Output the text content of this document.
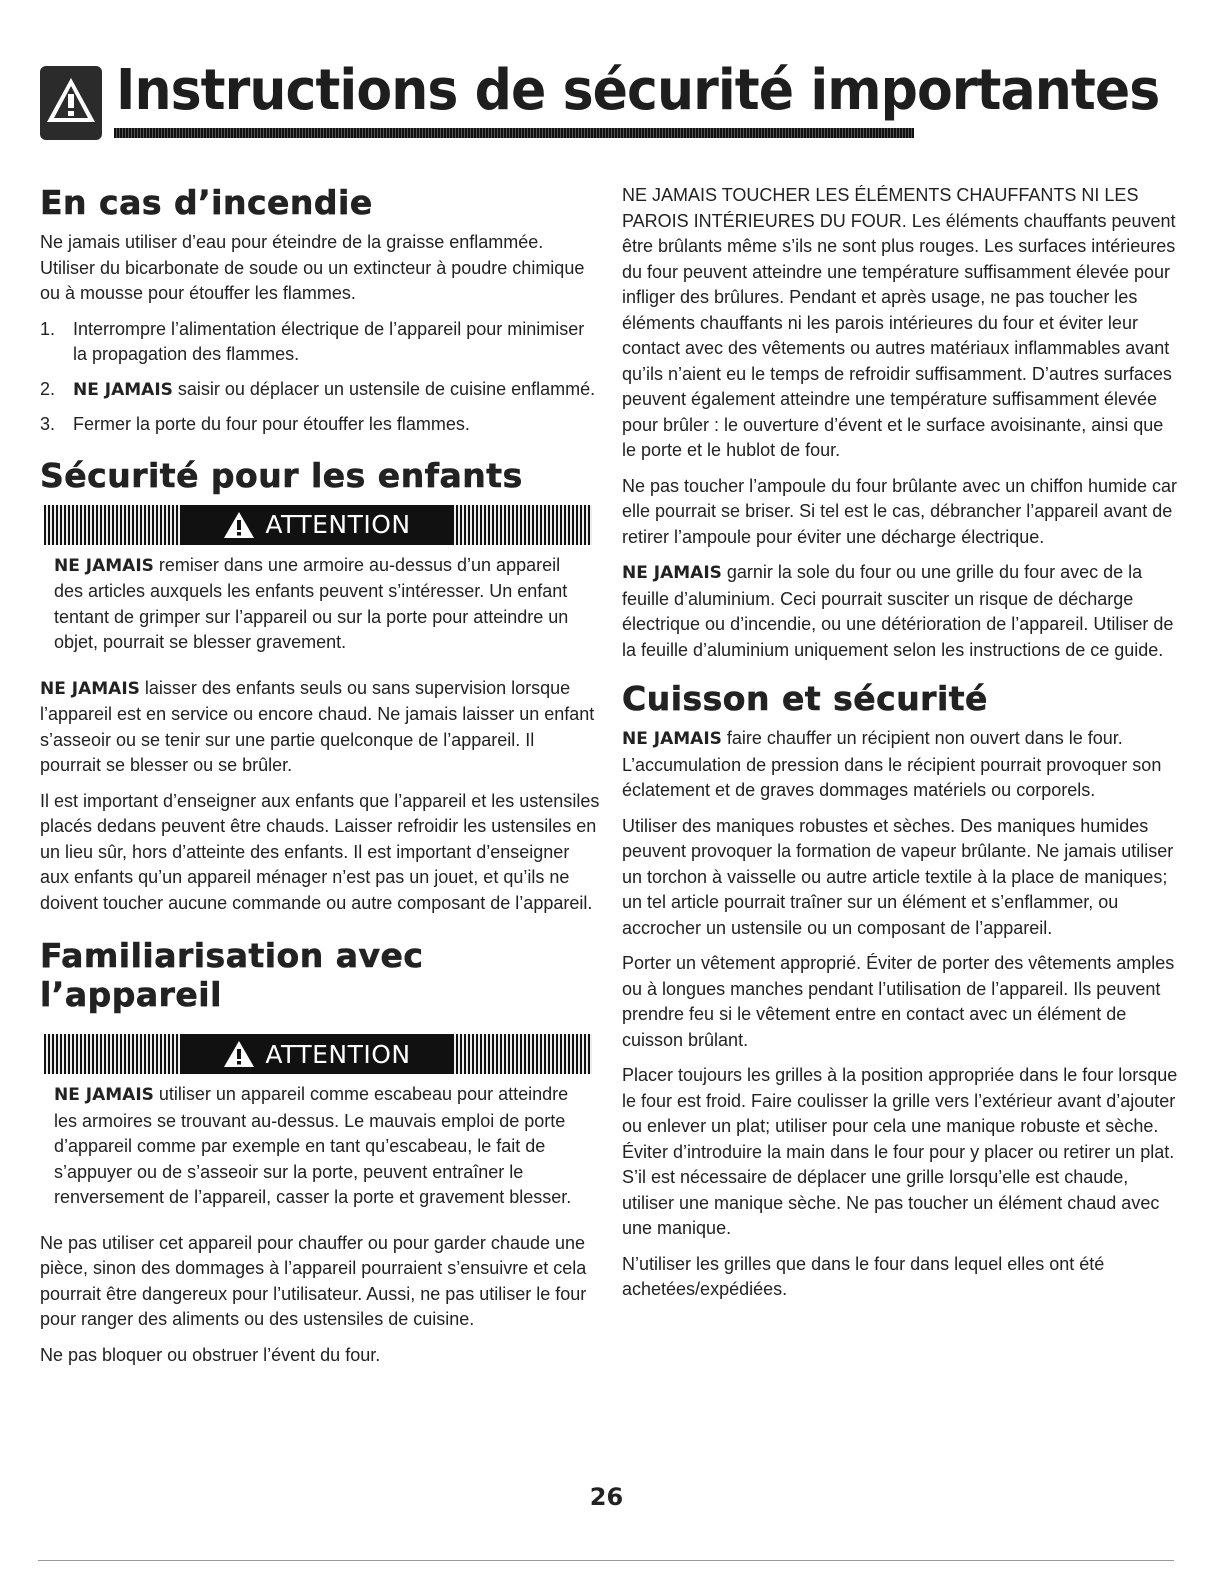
Instructions de sécurité importantes
En cas d’incendie

Ne jamais utiliser d’eau pour éteindre de la graisse enflammée. Utiliser du bicarbonate de soude ou un extincteur à poudre chimique ou à mousse pour étouffer les flammes.

1. Interrompre l’alimentation électrique de l’appareil pour minimiser la propagation des flammes.
2. NE JAMAIS saisir ou déplacer un ustensile de cuisine enflammé.
3. Fermer la porte du four pour étouffer les flammes.
Sécurité pour les enfants
ATTENTION
NE JAMAIS remiser dans une armoire au-dessus d’un appareil des articles auxquels les enfants peuvent s’intéresser. Un enfant tentant de grimper sur l’appareil ou sur la porte pour atteindre un objet, pourrait se blesser gravement.

NE JAMAIS laisser des enfants seuls ou sans supervision lorsque l’appareil est en service ou encore chaud. Ne jamais laisser un enfant s’asseoir ou se tenir sur une partie quelconque de l’appareil. Il pourrait se blesser ou se brûler.

Il est important d’enseigner aux enfants que l’appareil et les ustensiles placés dedans peuvent être chauds. Laisser refroidir les ustensiles en un lieu sûr, hors d’atteinte des enfants. Il est important d’enseigner aux enfants qu’un appareil ménager n’est pas un jouet, et qu’ils ne doivent toucher aucune commande ou autre composant de l’appareil.

Familiarisation avec l’appareil
ATTENTION
NE JAMAIS utiliser un appareil comme escabeau pour atteindre les armoires se trouvant au-dessus. Le mauvais emploi de porte d’appareil comme par exemple en tant qu’escabeau, le fait de s’appuyer ou de s’asseoir sur la porte, peuvent entraîner le renversement de l’appareil, casser la porte et gravement blesser.

Ne pas utiliser cet appareil pour chauffer ou pour garder chaude une pièce, sinon des dommages à l’appareil pourraient s’ensuivre et cela pourrait être dangereux pour l’utilisateur. Aussi, ne pas utiliser le four pour ranger des aliments ou des ustensiles de cuisine.

Ne pas bloquer ou obstruer l’évent du four.

NE JAMAIS TOUCHER LES ÉLÉMENTS CHAUFFANTS NI LES PAROIS INTÉRIEURES DU FOUR. Les éléments chauffants peuvent être brûlants même s’ils ne sont plus rouges. Les surfaces intérieures du four peuvent atteindre une température suffisamment élevée pour infliger des brûlures. Pendant et après usage, ne pas toucher les éléments chauffants ni les parois intérieures du four et éviter leur contact avec des vêtements ou autres matériaux inflammables avant qu’ils n’aient eu le temps de refroidir suffisamment. D’autres surfaces peuvent également atteindre une température suffisamment élevée pour brûler : le ouverture d’évent et le surface avoisinante, ainsi que le porte et le hublot de four.

Ne pas toucher l’ampoule du four brûlante avec un chiffon humide car elle pourrait se briser. Si tel est le cas, débrancher l’appareil avant de retirer l’ampoule pour éviter une décharge électrique.

NE JAMAIS garnir la sole du four ou une grille du four avec de la feuille d’aluminium. Ceci pourrait susciter un risque de décharge électrique ou d’incendie, ou une détérioration de l’appareil. Utiliser de la feuille d’aluminium uniquement selon les instructions de ce guide.

Cuisson et sécurité

NE JAMAIS faire chauffer un récipient non ouvert dans le four. L’accumulation de pression dans le récipient pourrait provoquer son éclatement et de graves dommages matériels ou corporels.

Utiliser des maniques robustes et sèches. Des maniques humides peuvent provoquer la formation de vapeur brûlante. Ne jamais utiliser un torchon à vaisselle ou autre article textile à la place de maniques; un tel article pourrait traîner sur un élément et s’enflammer, ou accrocher un ustensile ou un composant de l’appareil.

Porter un vêtement approprié. Éviter de porter des vêtements amples ou à longues manches pendant l’utilisation de l’appareil. Ils peuvent prendre feu si le vêtement entre en contact avec un élément de cuisson brûlant.

Placer toujours les grilles à la position appropriée dans le four lorsque le four est froid. Faire coulisser la grille vers l’extérieur avant d’ajouter ou enlever un plat; utiliser pour cela une manique robuste et sèche. Éviter d’introduire la main dans le four pour y placer ou retirer un plat. S’il est nécessaire de déplacer une grille lorsqu’elle est chaude, utiliser une manique sèche. Ne pas toucher un élément chaud avec une manique.

N’utiliser les grilles que dans le four dans lequel elles ont été achetées/expédiées.

26
